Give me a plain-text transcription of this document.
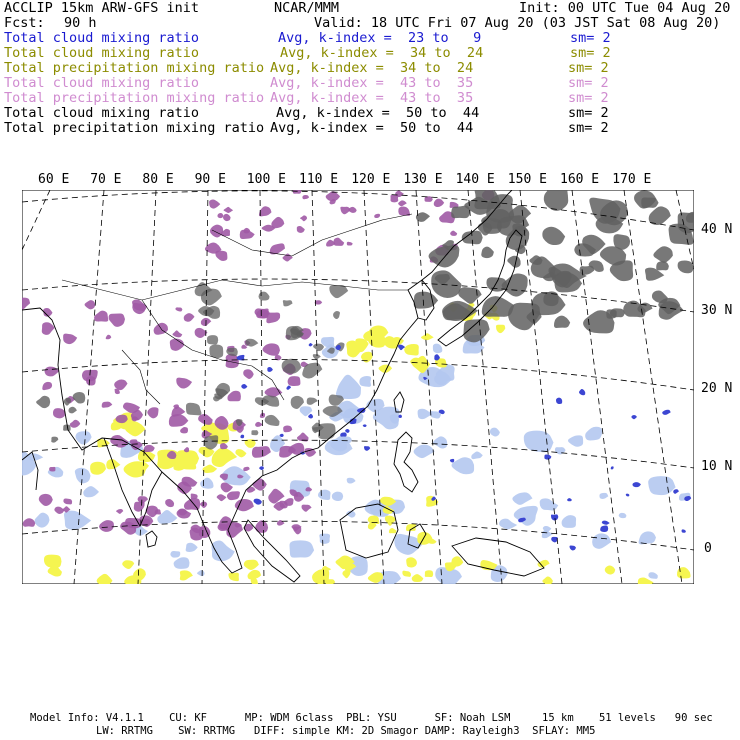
ACCLIP 15km ARW-GFS init	NCAR/MMM	Init: 00 UTC Tue 04 Aug 20
Fcst: 90 h	Valid: 18 UTC Fri 07 Aug 20 (03 JST Sat 08 Aug 20)
Total cloud mixing ratio	Avg, k-index =  23 to   9	sm= 2
Total cloud mixing ratio	Avg, k-index =  34 to  24	sm= 2
Total precipitation mixing ratio Avg, k-index =  34 to  24	sm= 2
Total cloud mixing ratio	Avg, k-index =  43 to  35	sm= 2
Total precipitation mixing ratio Avg, k-index =  43 to  35	sm= 2
Total cloud mixing ratio	Avg, k-index =  50 to  44	sm= 2
Total precipitation mixing ratio Avg, k-index =  50 to  44	sm= 2
60 E 70 E 80 E 90 E 100 E 110 E 120 E 130 E 140 E 150 E 160 E 170 E
40 N
30 N
20 N
10 N
0
Model Info: V4.1.1    CU: KF      MP: WDM 6class  PBL: YSU      SF: Noah LSM     15 km    51 levels   90 sec
LW: RRTMG    SW: RRTMG   DIFF: simple KM: 2D Smagor DAMP: Rayleigh3  SFLAY: MM5
